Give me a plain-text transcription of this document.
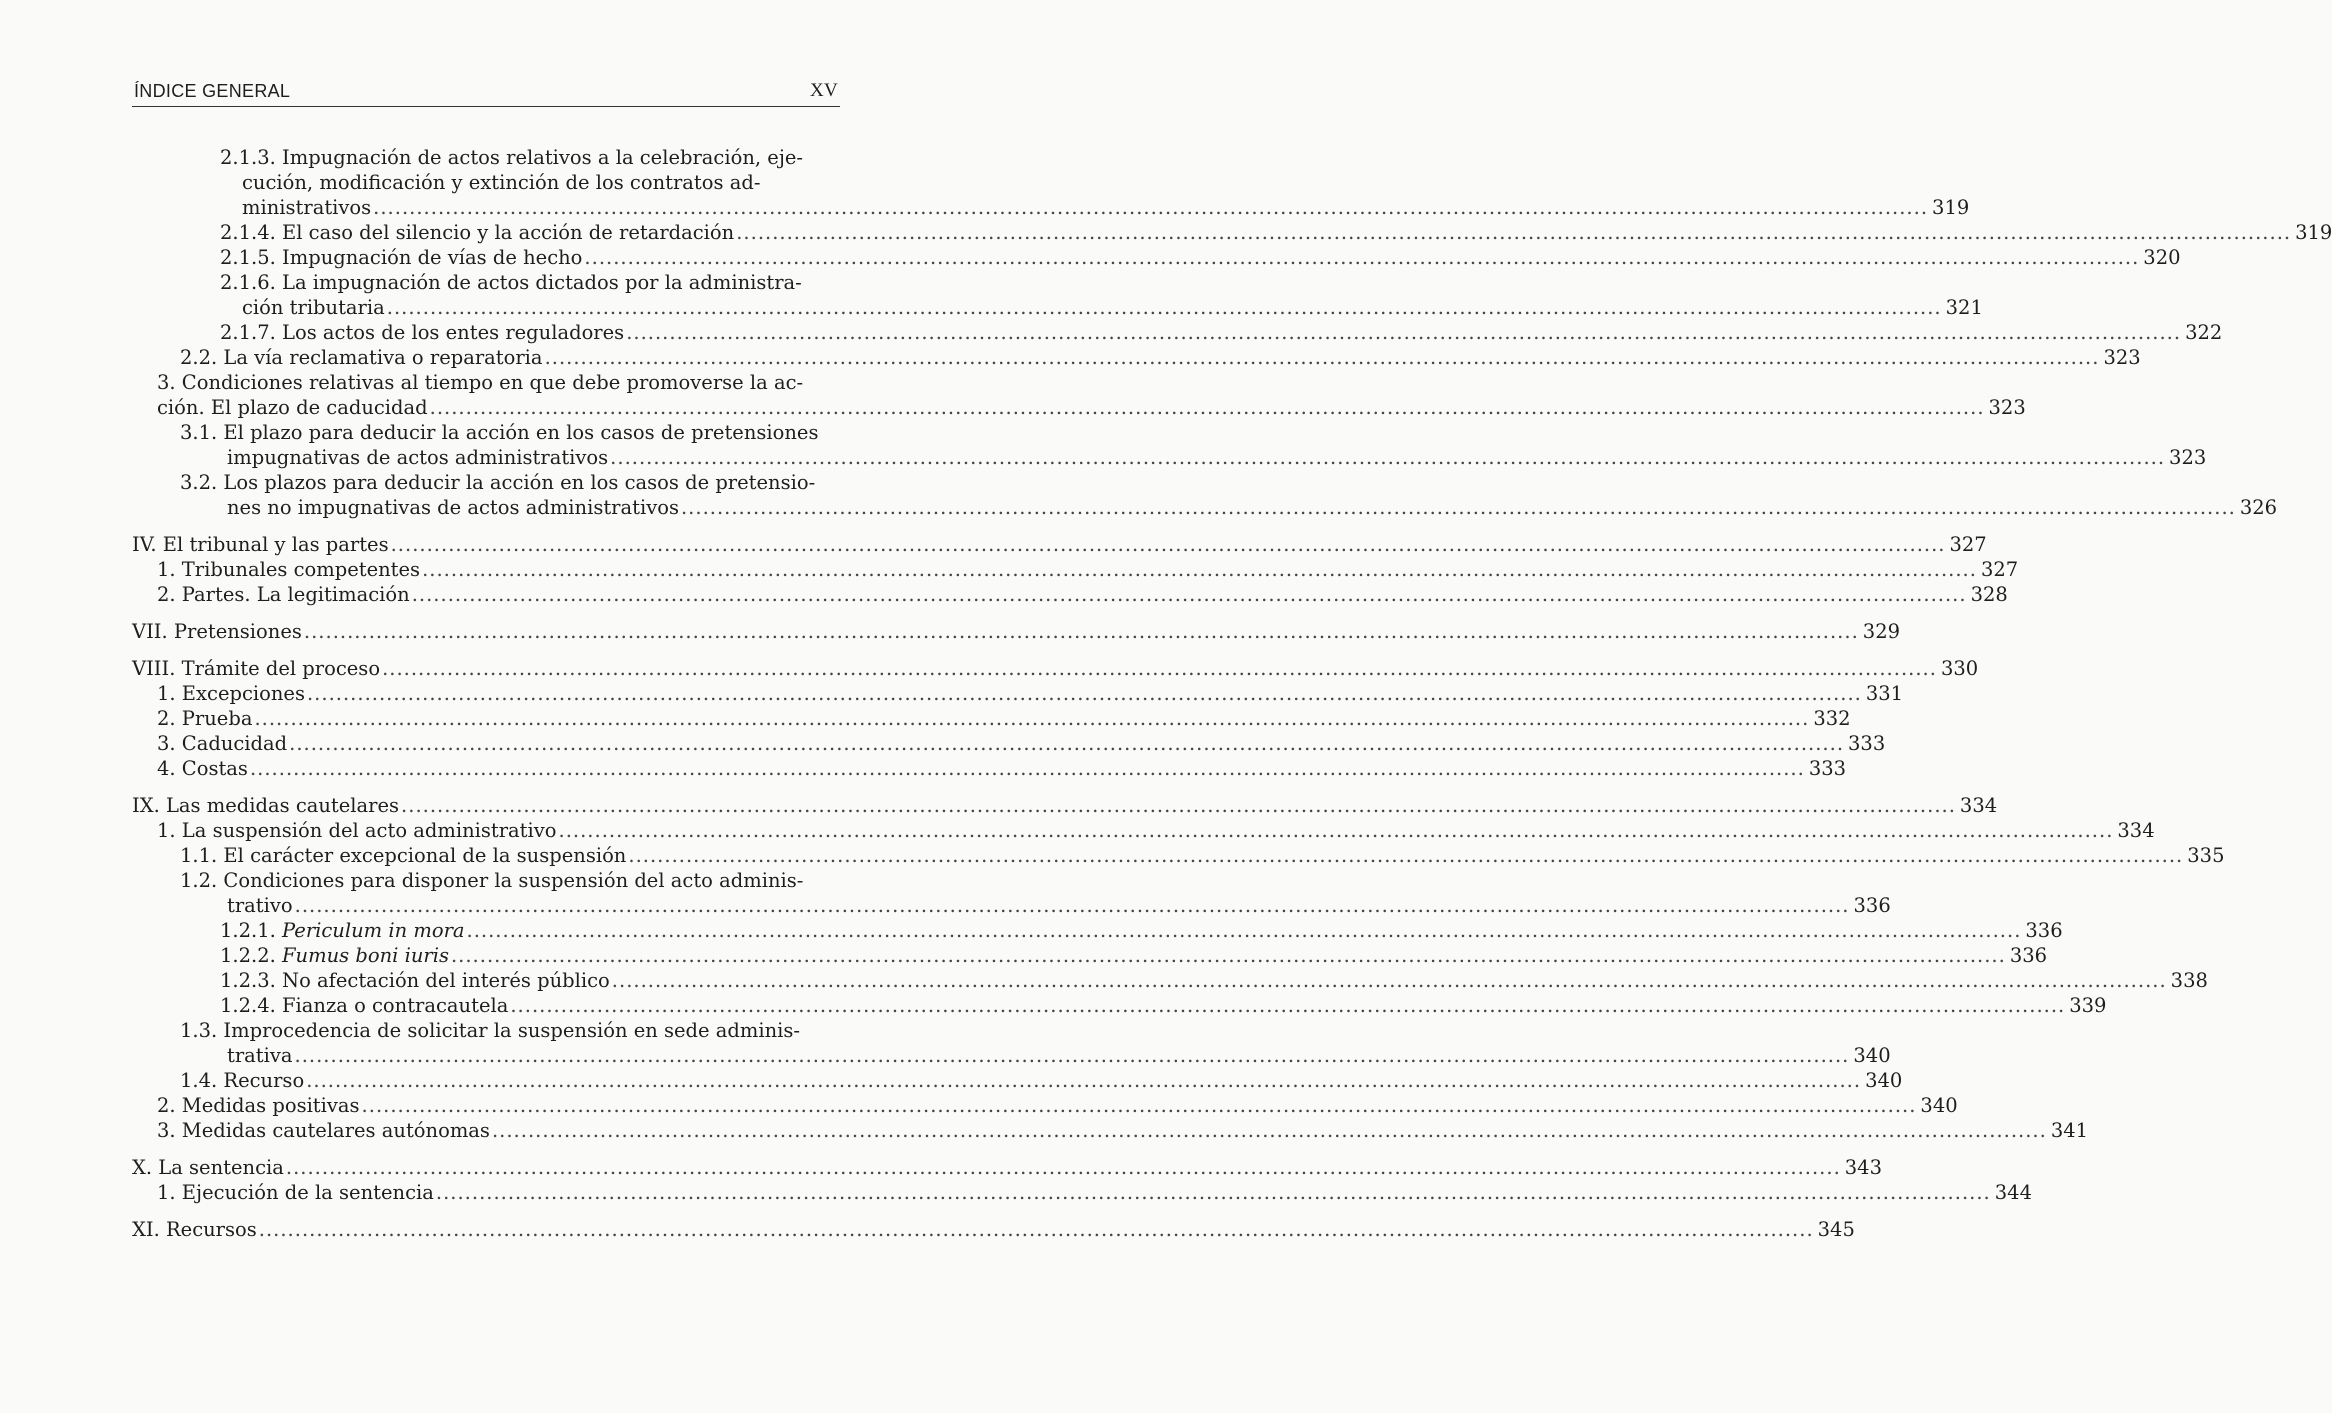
ÍNDICE GENERAL	XV
2.1.3. Impugnación de actos relativos a la celebración, eje-
cución, modificación y extinción de los contratos ad-
ministrativos .....	319
2.1.4. El caso del silencio y la acción de retardación .....	319
2.1.5. Impugnación de vías de hecho .....	320
2.1.6. La impugnación de actos dictados por la administra-
ción tributaria .....	321
2.1.7. Los actos de los entes reguladores .....	322
2.2. La vía reclamativa o reparatoria .....	323
3. Condiciones relativas al tiempo en que debe promoverse la ac-
ción. El plazo de caducidad .....	323
3.1. El plazo para deducir la acción en los casos de pretensiones
impugnativas de actos administrativos .....	323
3.2. Los plazos para deducir la acción en los casos de pretensio-
nes no impugnativas de actos administrativos .....	326
IV. El tribunal y las partes .....	327
1. Tribunales competentes .....	327
2. Partes. La legitimación .....	328
VII. Pretensiones .....	329
VIII. Trámite del proceso .....	330
1. Excepciones .....	331
2. Prueba .....	332
3. Caducidad .....	333
4. Costas .....	333
IX. Las medidas cautelares .....	334
1. La suspensión del acto administrativo .....	334
1.1. El carácter excepcional de la suspensión .....	335
1.2. Condiciones para disponer la suspensión del acto adminis-
trativo .....	336
1.2.1. Periculum in mora .....	336
1.2.2. Fumus boni iuris .....	336
1.2.3. No afectación del interés público .....	338
1.2.4. Fianza o contracautela .....	339
1.3. Improcedencia de solicitar la suspensión en sede adminis-
trativa .....	340
1.4. Recurso .....	340
2. Medidas positivas .....	340
3. Medidas cautelares autónomas .....	341
X. La sentencia .....	343
1. Ejecución de la sentencia .....	344
XI. Recursos .....	345
